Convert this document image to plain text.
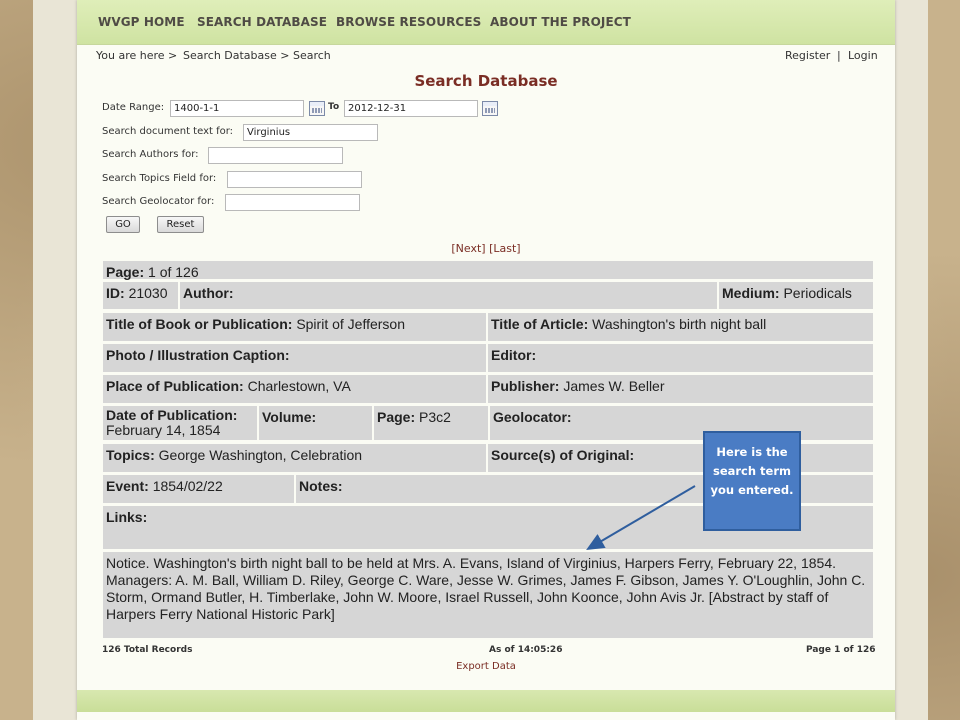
WVGP HOME SEARCH DATABASE BROWSE RESOURCES ABOUT THE PROJECT
You are here > Search Database > Search	Register | Login
Search Database
Date Range: 1400-1-1	To 2012-12-31
Search document text for:	Virginius
Search Authors for:
Search Topics Field for:
Search Geolocator for:
GO	Reset
[Next] [Last]
Page: 1 of 126
ID: 21030	Author:	Medium: Periodicals
Title of Book or Publication: Spirit of Jefferson	Title of Article: Washington's birth night ball
Photo / Illustration Caption:	Editor:
Place of Publication: Charlestown, VA	Publisher: James W. Beller
Date of Publication:
February 14, 1854
Volume:	Page: P3c2	Geolocator:
Topics: George Washington, Celebration	Source(s) of Original:
Event: 1854/02/22	Notes:
Links:
Notice. Washington's birth night ball to be held at Mrs. A. Evans, Island of Virginius, Harpers Ferry, February 22, 1854. Managers: A. M. Ball, William D. Riley, George C. Ware, Jesse W. Grimes, James F. Gibson, James Y. O'Loughlin, John C. Storm, Ormand Butler, H. Timberlake, John W. Moore, Israel Russell, John Koonce, John Avis Jr. [Abstract by staff of Harpers Ferry National Historic Park]
126 Total Records	As of 14:05:26	Page 1 of 126
Export Data
Here is the search term you entered.
